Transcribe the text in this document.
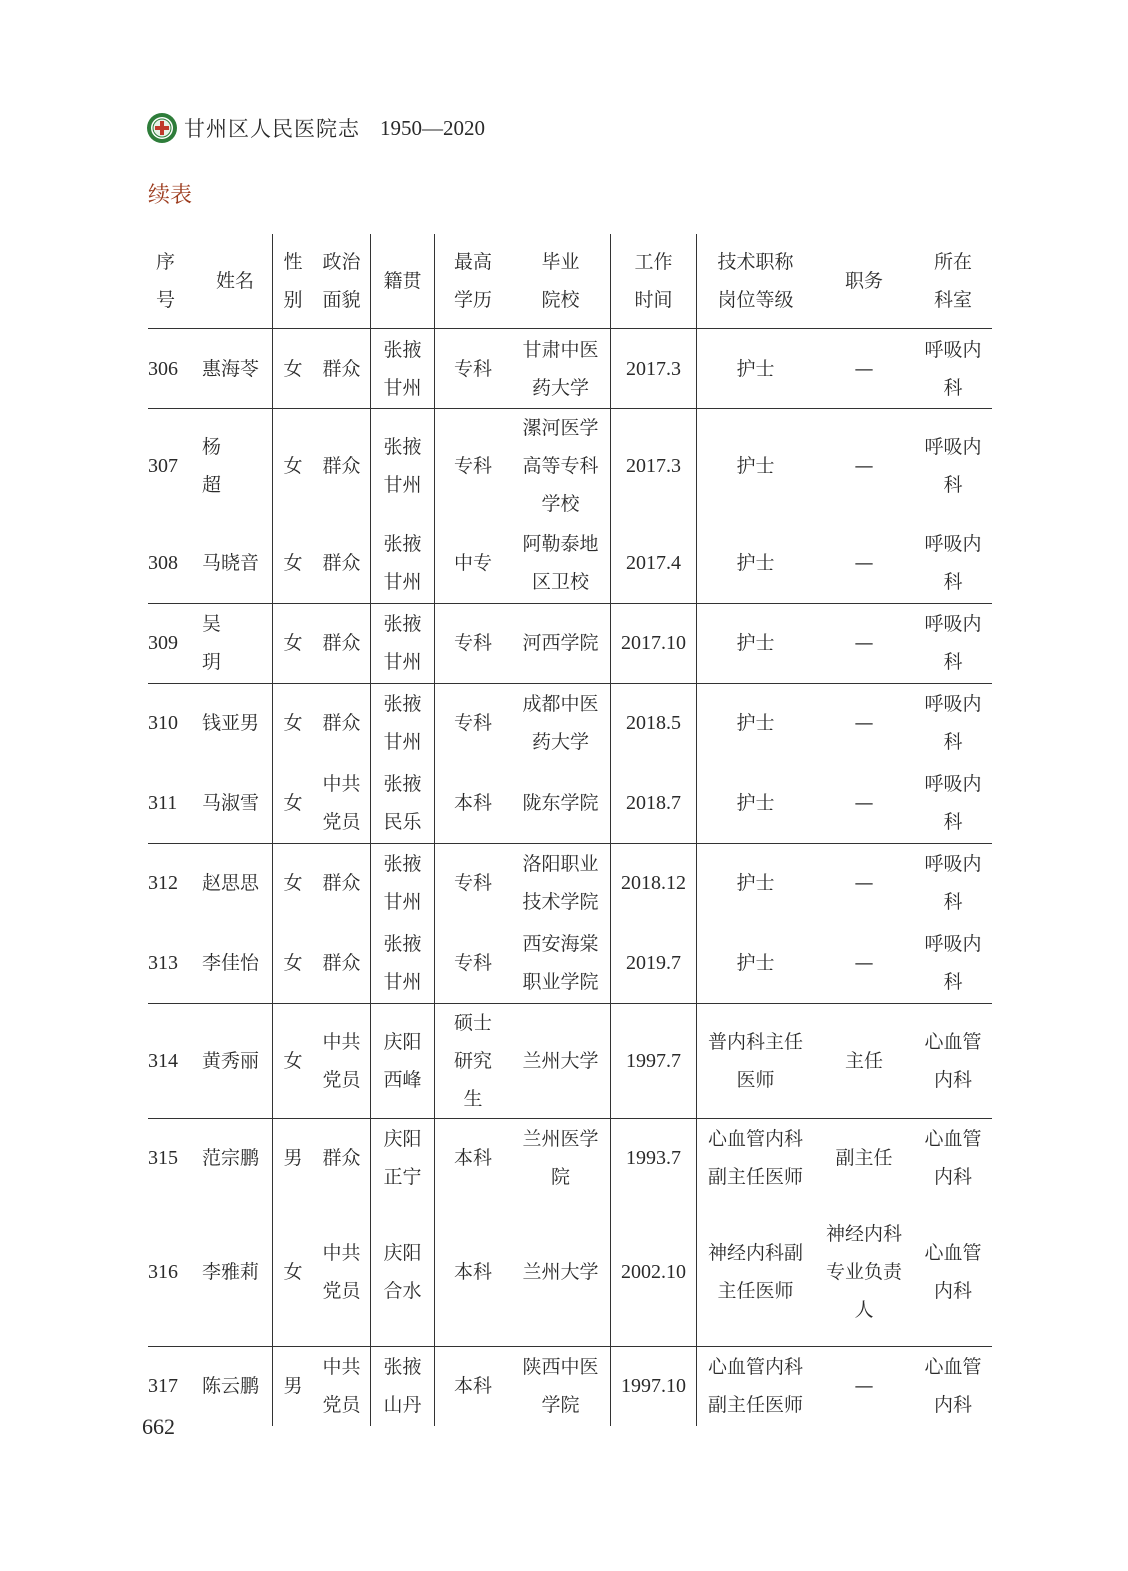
甘州区人民医院志 1950—2020
续表
序号	姓名	性别	政治面貌	籍贯	最高学历	毕业院校	工作时间	技术职称岗位等级	职务	所在科室

306	惠海苓	女	群众	张掖甘州	专科	甘肃中医药大学	2017.3	护士	—	呼吸内科

307	杨 超	女	群众	张掖甘州	专科	漯河医学高等专科学校	2017.3	护士	—	呼吸内科

308	马晓音	女	群众	张掖甘州	中专	阿勒泰地区卫校	2017.4	护士	—	呼吸内科

309	吴 玥	女	群众	张掖甘州	专科	河西学院	2017.10	护士	—	呼吸内科

310	钱亚男	女	群众	张掖甘州	专科	成都中医药大学	2018.5	护士	—	呼吸内科

311	马淑雪	女	中共党员	张掖民乐	本科	陇东学院	2018.7	护士	—	呼吸内科

312	赵思思	女	群众	张掖甘州	专科	洛阳职业技术学院	2018.12	护士	—	呼吸内科

313	李佳怡	女	群众	张掖甘州	专科	西安海棠职业学院	2019.7	护士	—	呼吸内科

314	黄秀丽	女	中共党员	庆阳西峰	硕士研究生	兰州大学	1997.7	普内科主任医师	主任	心血管内科

315	范宗鹏	男	群众	庆阳正宁	本科	兰州医学院	1993.7	心血管内科副主任医师	副主任	心血管内科

316	李雅莉	女	中共党员	庆阳合水	本科	兰州大学	2002.10	神经内科副主任医师	神经内科专业负责人	心血管内科

317	陈云鹏	男	中共党员	张掖山丹	本科	陕西中医学院	1997.10	心血管内科副主任医师	—	心血管内科
662
